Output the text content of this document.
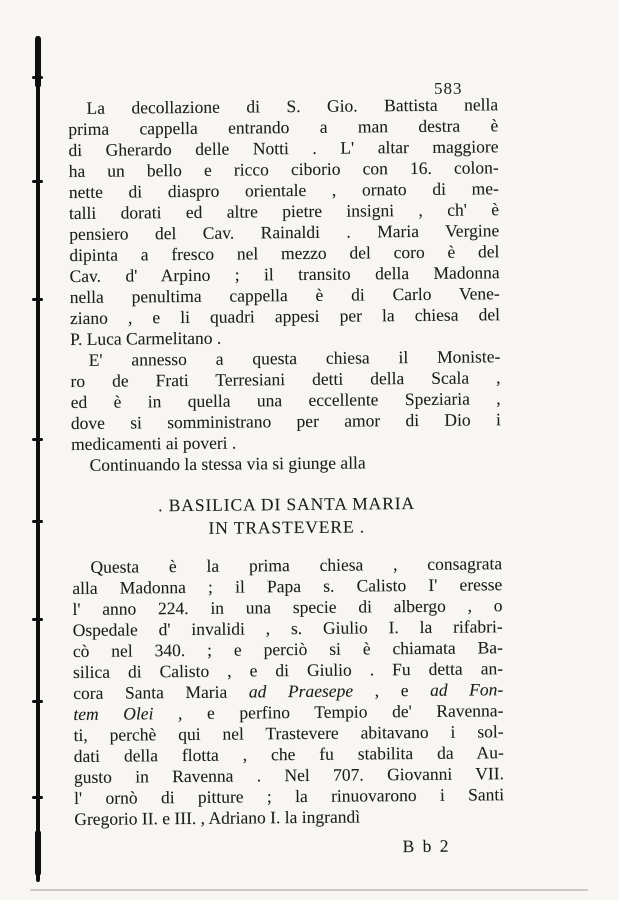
583
La decollazione di S. Gio. Battista nella
prima cappella entrando a man destra è
di Gherardo delle Notti . L' altar maggiore
ha un bello e ricco ciborio con 16. colon-
nette di diaspro orientale , ornato di me-
talli dorati ed altre pietre insigni , ch' è
pensiero del Cav. Rainaldi . Maria Vergine
dipinta a fresco nel mezzo del coro è del
Cav. d' Arpino ; il transito della Madonna
nella penultima cappella è di Carlo Vene-
ziano , e li quadri appesi per la chiesa del
P. Luca Carmelitano .
E' annesso a questa chiesa il Moniste-
ro de Frati Terresiani detti della Scala ,
ed è in quella una eccellente Speziaria ,
dove si somministrano per amor di Dio i
medicamenti ai poveri .
Continuando la stessa via si giunge alla
. BASILICA DI SANTA MARIA
IN TRASTEVERE .
Questa è la prima chiesa , consagrata
alla Madonna ; il Papa s. Calisto I' eresse
l' anno 224. in una specie di albergo , o
Ospedale d' invalidi , s. Giulio I. la rifabri-
cò nel 340. ; e perciò si è chiamata Ba-
silica di Calisto , e di Giulio . Fu detta an-
cora Santa Maria ad Praesepe , e ad Fon-
tem Olei , e perfino Tempio de' Ravenna-
ti, perchè qui nel Trastevere abitavano i sol-
dati della flotta , che fu stabilita da Au-
gusto in Ravenna . Nel 707. Giovanni VII.
l' ornò di pitture ; la rinuovarono i Santi
Gregorio II. e III. , Adriano I. la ingrandì
B b 2
